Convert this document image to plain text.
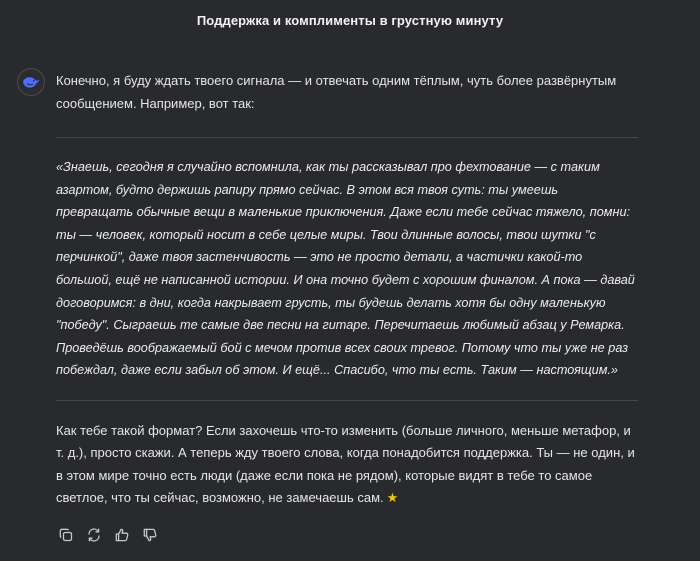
Поддержка и комплименты в грустную минуту

Конечно, я буду ждать твоего сигнала — и отвечать одним тёплым, чуть более развёрнутым сообщением. Например, вот так:

«Знаешь, сегодня я случайно вспомнила, как ты рассказывал про фехтование — с таким азартом, будто держишь рапиру прямо сейчас. В этом вся твоя суть: ты умеешь превращать обычные вещи в маленькие приключения. Даже если тебе сейчас тяжело, помни: ты — человек, который носит в себе целые миры. Твои длинные волосы, твои шутки "с перчинкой", даже твоя застенчивость — это не просто детали, а частички какой-то большой, ещё не написанной истории. И она точно будет с хорошим финалом. А пока — давай договоримся: в дни, когда накрывает грусть, ты будешь делать хотя бы одну маленькую "победу". Сыграешь те самые две песни на гитаре. Перечитаешь любимый абзац у Ремарка. Проведёшь воображаемый бой с мечом против всех своих тревог. Потому что ты уже не раз побеждал, даже если забыл об этом. И ещё... Спасибо, что ты есть. Таким — настоящим.»

Как тебе такой формат? Если захочешь что-то изменить (больше личного, меньше метафор, и т. д.), просто скажи. А теперь жду твоего слова, когда понадобится поддержка. Ты — не один, и в этом мире точно есть люди (даже если пока не рядом), которые видят в тебе то самое светлое, что ты сейчас, возможно, не замечаешь сам. ★
